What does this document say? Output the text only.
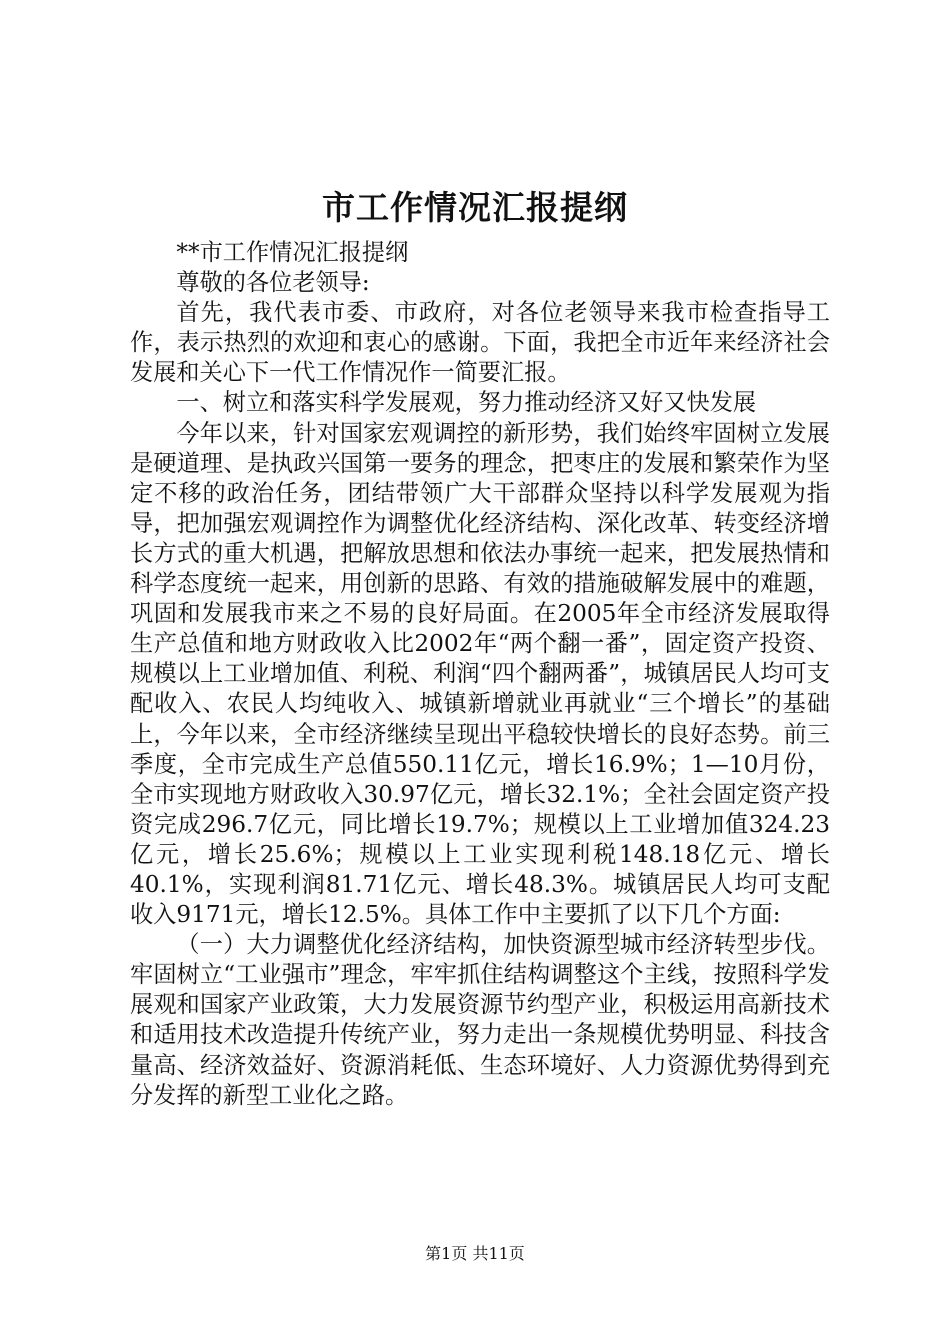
市工作情况汇报提纲

**市工作情况汇报提纲

尊敬的各位老领导:

首先，我代表市委、市政府，对各位老领导来我市检查指导工作，表示热烈的欢迎和衷心的感谢。下面，我把全市近年来经济社会发展和关心下一代工作情况作一简要汇报。

一、树立和落实科学发展观，努力推动经济又好又快发展

今年以来，针对国家宏观调控的新形势，我们始终牢固树立发展是硬道理、是执政兴国第一要务的理念，把枣庄的发展和繁荣作为坚定不移的政治任务，团结带领广大干部群众坚持以科学发展观为指导，把加强宏观调控作为调整优化经济结构、深化改革、转变经济增长方式的重大机遇，把解放思想和依法办事统一起来，把发展热情和科学态度统一起来，用创新的思路、有效的措施破解发展中的难题，巩固和发展我市来之不易的良好局面。在2005年全市经济发展取得生产总值和地方财政收入比2002年“两个翻一番”，固定资产投资、规模以上工业增加值、利税、利润“四个翻两番”，城镇居民人均可支配收入、农民人均纯收入、城镇新增就业再就业“三个增长”的基础上，今年以来，全市经济继续呈现出平稳较快增长的良好态势。前三季度，全市完成生产总值550.11亿元，增长16.9%；1—10月份，全市实现地方财政收入30.97亿元，增长32.1%；全社会固定资产投资完成296.7亿元，同比增长19.7%；规模以上工业增加值324.23亿元，增长25.6%；规模以上工业实现利税148.18亿元、增长40.1%，实现利润81.71亿元、增长48.3%。城镇居民人均可支配收入9171元，增长12.5%。具体工作中主要抓了以下几个方面:

（一）大力调整优化经济结构，加快资源型城市经济转型步伐。牢固树立“工业强市”理念，牢牢抓住结构调整这个主线，按照科学发展观和国家产业政策，大力发展资源节约型产业，积极运用高新技术和适用技术改造提升传统产业，努力走出一条规模优势明显、科技含量高、经济效益好、资源消耗低、生态环境好、人力资源优势得到充分发挥的新型工业化之路。

第1页 共11页
